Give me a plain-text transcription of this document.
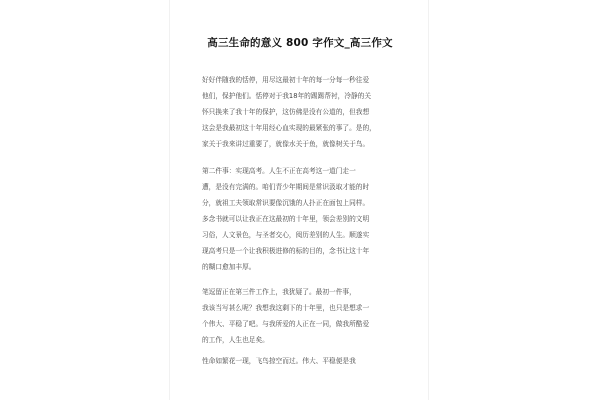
高三生命的意义 800 字作文_高三作文

好好伴随我的恬停，用尽这最初十年的每一分每一秒往爱
他们，保护他们。恬停对于我18年的踢踢帮衬，冷静的关
怀只换来了我十年的保护，这仿佛是没有公道的，但我想
这会是我最初这十年用经心血实现的最紧张的事了。是的，
家关于我来讲过重要了，就像水关于鱼，就像树关于鸟。

第二件事：实现高考。人生不正在高考这一道门走一
遭，是没有完满的。咱们青少年期间是常识汲取才能的时
分，就祖工夫领取常识要像沉饿的人扑正在面包上同样。
多念书就可以让我正在这最初的十年里，领会差别的文明
习俗，人文景色，与圣者交心，阅历差别的人生。顺遂实
现高考只是一个让我积极进修的标的目的，念书让这十年
的糊口愈加丰厚。

笔逗留正在第三件工作上，我犹疑了。最初一件事，
我该当写甚么呢？我想我这剩下的十年里，也只是想求一
个伟大、平稳了吧。与我所爱的人正在一同，做我所酷爱
的工作，人生也足矣。

性命如繁花一现，飞鸟掠空而过。伟大、平稳便是我
